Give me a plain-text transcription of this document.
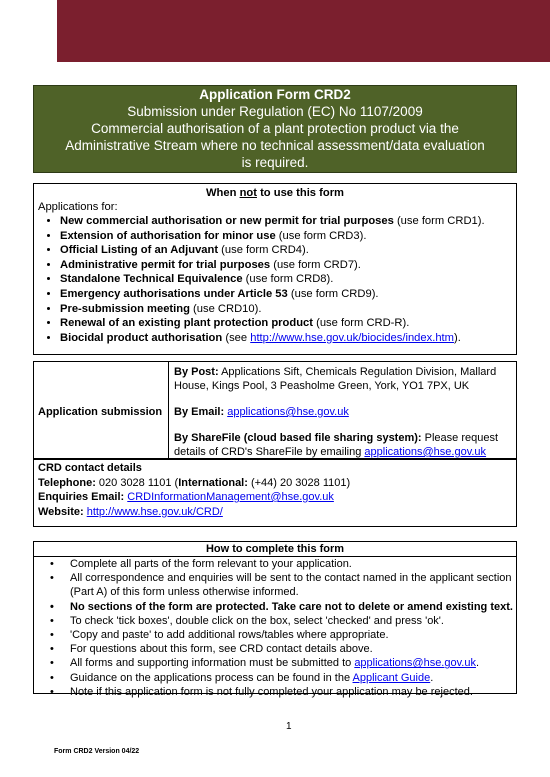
Application Form CRD2
Submission under Regulation (EC) No 1107/2009
Commercial authorisation of a plant protection product via the
Administrative Stream where no technical assessment/data evaluation
is required.
When not to use this form
Applications for:
• New commercial authorisation or new permit for trial purposes (use form CRD1).
• Extension of authorisation for minor use (use form CRD3).
• Official Listing of an Adjuvant (use form CRD4).
• Administrative permit for trial purposes (use form CRD7).
• Standalone Technical Equivalence (use form CRD8).
• Emergency authorisations under Article 53 (use form CRD9).
• Pre-submission meeting (use CRD10).
• Renewal of an existing plant protection product (use form CRD-R).
• Biocidal product authorisation (see http://www.hse.gov.uk/biocides/index.htm).
Application submission
By Post: Applications Sift, Chemicals Regulation Division, Mallard House, Kings Pool, 3 Peasholme Green, York, YO1 7PX, UK
By Email: applications@hse.gov.uk
By ShareFile (cloud based file sharing system): Please request details of CRD's ShareFile by emailing applications@hse.gov.uk
CRD contact details
Telephone: 020 3028 1101 (International: (+44) 20 3028 1101)
Enquiries Email: CRDInformationManagement@hse.gov.uk
Website: http://www.hse.gov.uk/CRD/
How to complete this form
• Complete all parts of the form relevant to your application.
• All correspondence and enquiries will be sent to the contact named in the applicant section (Part A) of this form unless otherwise informed.
• No sections of the form are protected. Take care not to delete or amend existing text.
• To check 'tick boxes', double click on the box, select 'checked' and press 'ok'.
• 'Copy and paste' to add additional rows/tables where appropriate.
• For questions about this form, see CRD contact details above.
• All forms and supporting information must be submitted to applications@hse.gov.uk.
• Guidance on the applications process can be found in the Applicant Guide.
• Note if this application form is not fully completed your application may be rejected.
1
Form CRD2 Version 04/22
